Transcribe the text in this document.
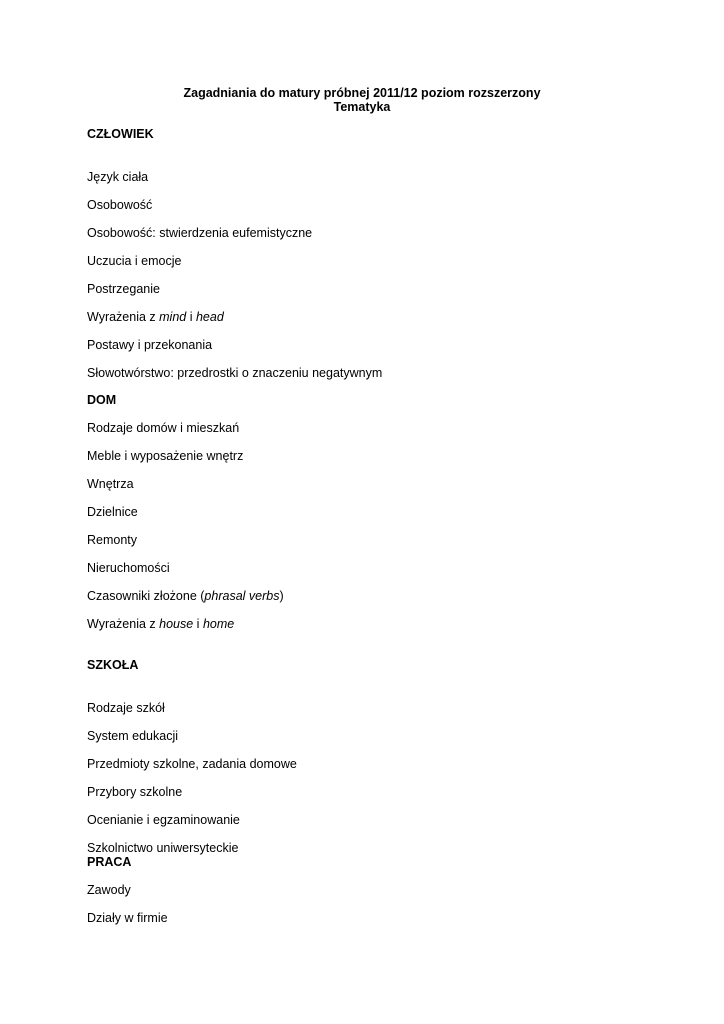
Zagadniania do matury próbnej 2011/12 poziom rozszerzony
Tematyka
CZŁOWIEK
Język ciała
Osobowość
Osobowość: stwierdzenia eufemistyczne
Uczucia i emocje
Postrzeganie
Wyrażenia z mind i head
Postawy i przekonania
Słowotwórstwo: przedrostki o znaczeniu negatywnym
DOM
Rodzaje domów i mieszkań
Meble i wyposażenie wnętrz
Wnętrza
Dzielnice
Remonty
Nieruchomości
Czasowniki złożone (phrasal verbs)
Wyrażenia z house i home
SZKOŁA
Rodzaje szkół
System edukacji
Przedmioty szkolne, zadania domowe
Przybory szkolne
Ocenianie i egzaminowanie
Szkolnictwo uniwersyteckie
PRACA
Zawody
Działy w firmie
